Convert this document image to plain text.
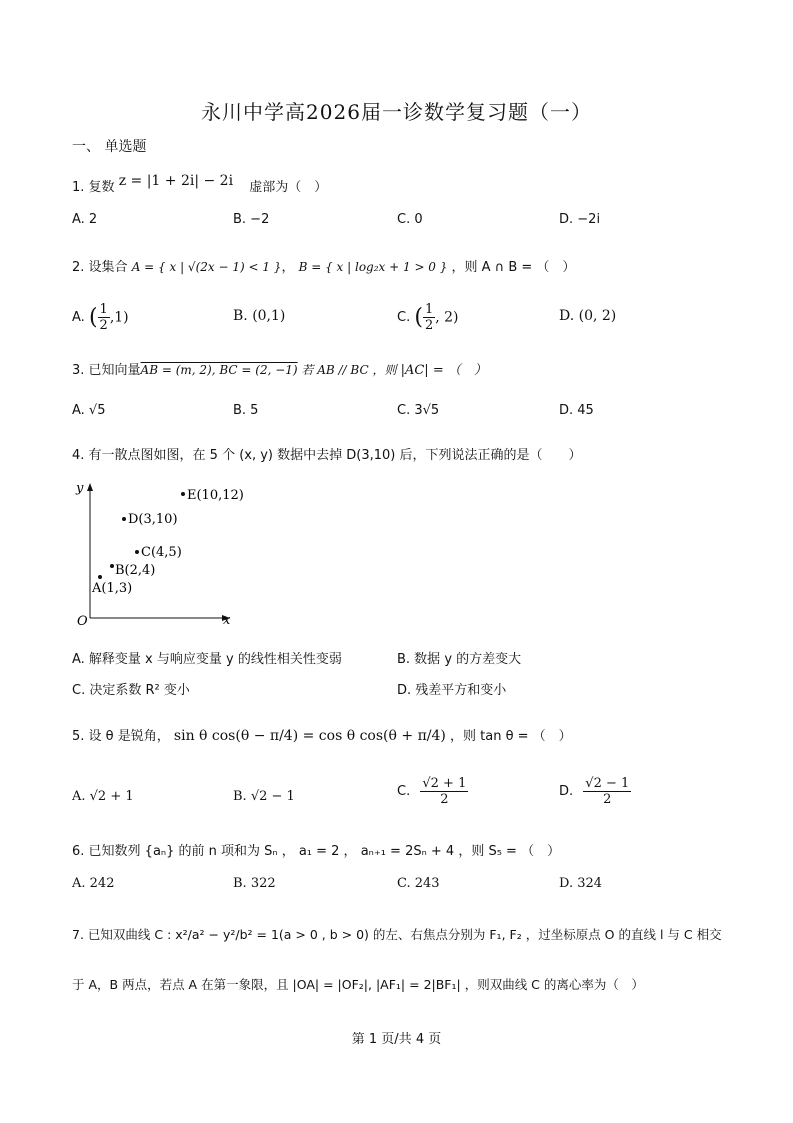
永川中学高2026届一诊数学复习题（一）
一、 单选题
1. 复数 z = |1 + 2i| − 2i 虚部为（　）
A. 2	B. −2	C. 0	D. −2i
2. 设集合 A = { x | √(2x − 1) < 1 }， B = { x | log₂x + 1 > 0 } ，则 A ∩ B = （　）
A. ( $\frac{1}{2} ,1$)	B. (0,1)	C. ( $\frac{1}{2}$ , 2)	D. (0, 2)
3. 已知向量AB = (m, 2), BC = (2, −1) 若 AB // BC ，则 |AC| = （　）
A. √5	B. 5	C. 3√5	D. 45
4. 有一散点图如图，在 5 个 (x, y) 数据中去掉 D(3,10) 后，下列说法正确的是（　　）
y
x
O
A(1,3)
B(2,4)
C(4,5)
D(3,10)
E(10,12)
A. 解释变量 x 与响应变量 y 的线性相关性变弱	B. 数据 y 的方差变大
C. 决定系数 R² 变小	D. 残差平方和变小
5. 设 θ 是锐角， sin θ cos(θ − π/4) = cos θ cos(θ + π/4) ，则 tan θ = （　）
A. √2 + 1	B. √2 − 1	C. $\frac{√2 + 1}{2}$	D. $\frac{√2 - 1}{2}$
6. 已知数列 {aₙ} 的前 n 项和为 Sₙ ， a₁ = 2 ， aₙ₊₁ = 2Sₙ + 4 ，则 S₅ = （　）
A. 242	B. 322	C. 243	D. 324
7. 已知双曲线 C : x²/a² − y²/b² = 1(a > 0 , b > 0) 的左、右焦点分别为 F₁, F₂ ，过坐标原点 O 的直线 l 与 C 相交
于 A，B 两点，若点 A 在第一象限，且 |OA| = |OF₂|, |AF₁| = 2|BF₁| ，则双曲线 C 的离心率为（　）
第 1 页/共 4 页
